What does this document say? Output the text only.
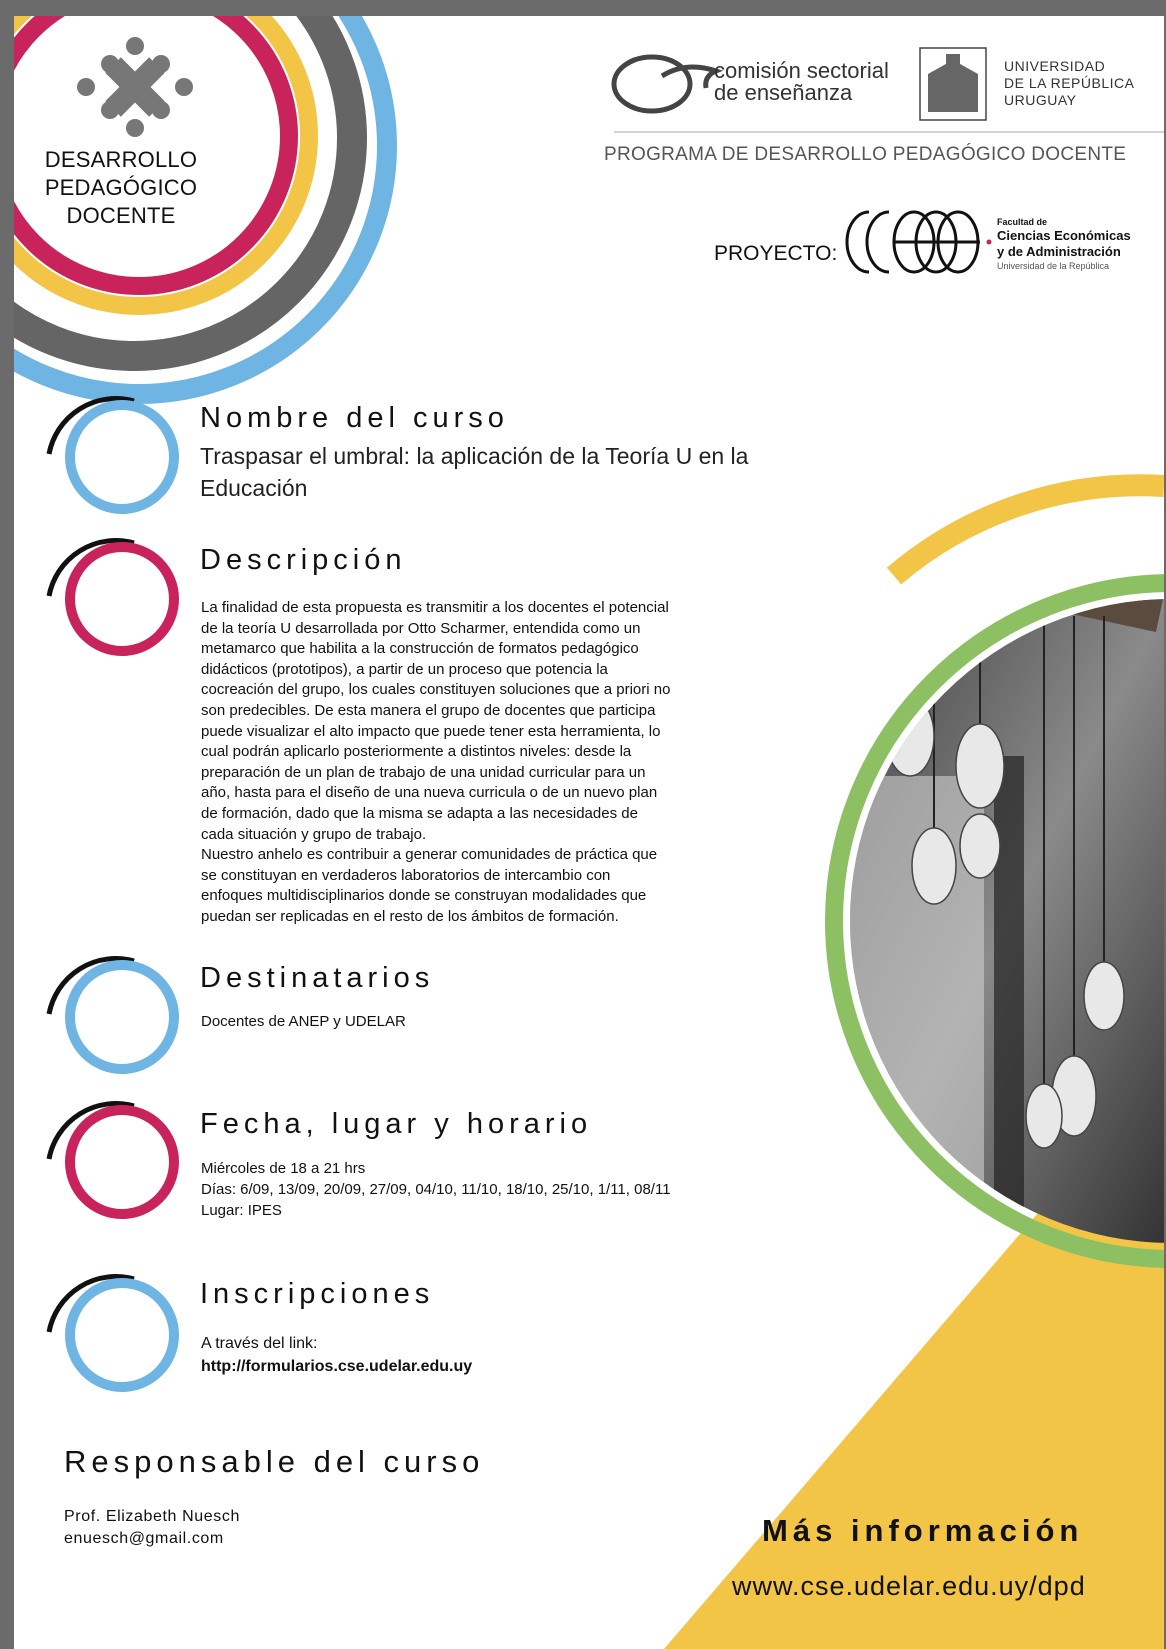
DESARROLLO
PEDAGÓGICO
DOCENTE
comisión sectorial
de enseñanza
UNIVERSIDAD
DE LA REPÚBLICA
URUGUAY
PROGRAMA DE DESARROLLO PEDAGÓGICO DOCENTE
PROYECTO:
Facultad de
Ciencias Económicas
y de Administración
Universidad de la República
Nombre del curso
Traspasar el umbral: la aplicación de la Teoría U en la Educación
Descripción
La finalidad de esta propuesta es transmitir a los docentes el potencial
de la teoría U desarrollada por Otto Scharmer, entendida como un
metamarco que habilita a la construcción de formatos pedagógico
didácticos (prototipos), a partir de un proceso que potencia la
cocreación del grupo, los cuales constituyen soluciones que a priori no
son predecibles. De esta manera el grupo de docentes que participa
puede visualizar el alto impacto que puede tener esta herramienta, lo
cual podrán aplicarlo posteriormente a distintos niveles: desde la
preparación de un plan de trabajo de una unidad curricular para un
año, hasta para el diseño de una nueva curricula o de un nuevo plan
de formación, dado que la misma se adapta a las necesidades de
cada situación y grupo de trabajo.
Nuestro anhelo es contribuir a generar comunidades de práctica que
se constituyan en verdaderos laboratorios de intercambio con
enfoques multidisciplinarios donde se construyan modalidades que
puedan ser replicadas en el resto de los ámbitos de formación.
Destinatarios
Docentes de ANEP y UDELAR
Fecha, lugar y horario
Miércoles de 18 a 21 hrs
Días: 6/09, 13/09, 20/09, 27/09, 04/10, 11/10, 18/10, 25/10, 1/11, 08/11
Lugar: IPES
Inscripciones
A través del link:
http://formularios.cse.udelar.edu.uy
Responsable del curso
Prof. Elizabeth Nuesch
enuesch@gmail.com	Más información
www.cse.udelar.edu.uy/dpd
